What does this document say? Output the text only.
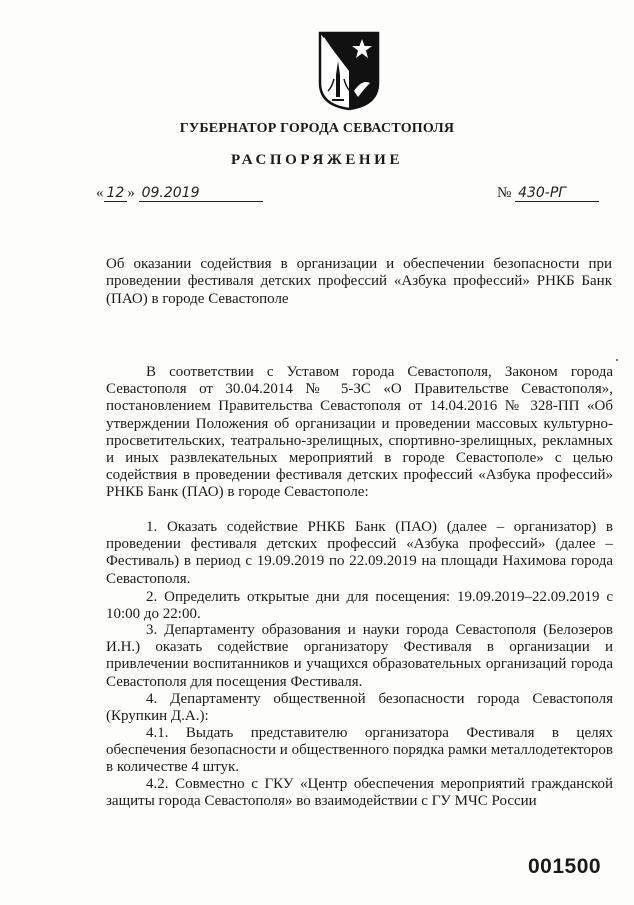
ГУБЕРНАТОР ГОРОДА СЕВАСТОПОЛЯ
РАСПОРЯЖЕНИЕ
« 12 » 09.2019	№ 430-РГ

Об оказании содействия в организации и обеспечении безопасности при проведении фестиваля детских профессий «Азбука профессий» РНКБ Банк (ПАО) в городе Севастополе

В соответствии с Уставом города Севастополя, Законом города Севастополя от 30.04.2014 № 5-ЗС «О Правительстве Севастополя», постановлением Правительства Севастополя от 14.04.2016 № 328-ПП «Об утверждении Положения об организации и проведении массовых культурно-просветительских, театрально-зрелищных, спортивно-зрелищных, рекламных и иных развлекательных мероприятий в городе Севастополе» с целью содействия в проведении фестиваля детских профессий «Азбука профессий» РНКБ Банк (ПАО) в городе Севастополе:

1. Оказать содействие РНКБ Банк (ПАО) (далее – организатор) в проведении фестиваля детских профессий «Азбука профессий» (далее – Фестиваль) в период с 19.09.2019 по 22.09.2019 на площади Нахимова города Севастополя.

2. Определить открытые дни для посещения: 19.09.2019–22.09.2019 с 10:00 до 22:00.

3. Департаменту образования и науки города Севастополя (Белозеров И.Н.) оказать содействие организатору Фестиваля в организации и привлечении воспитанников и учащихся образовательных организаций города Севастополя для посещения Фестиваля.

4. Департаменту общественной безопасности города Севастополя (Крупкин Д.А.):

4.1. Выдать представителю организатора Фестиваля в целях обеспечения безопасности и общественного порядка рамки металлодетекторов в количестве 4 штук.

4.2. Совместно с ГКУ «Центр обеспечения мероприятий гражданской защиты города Севастополя» во взаимодействии с ГУ МЧС России

001500
